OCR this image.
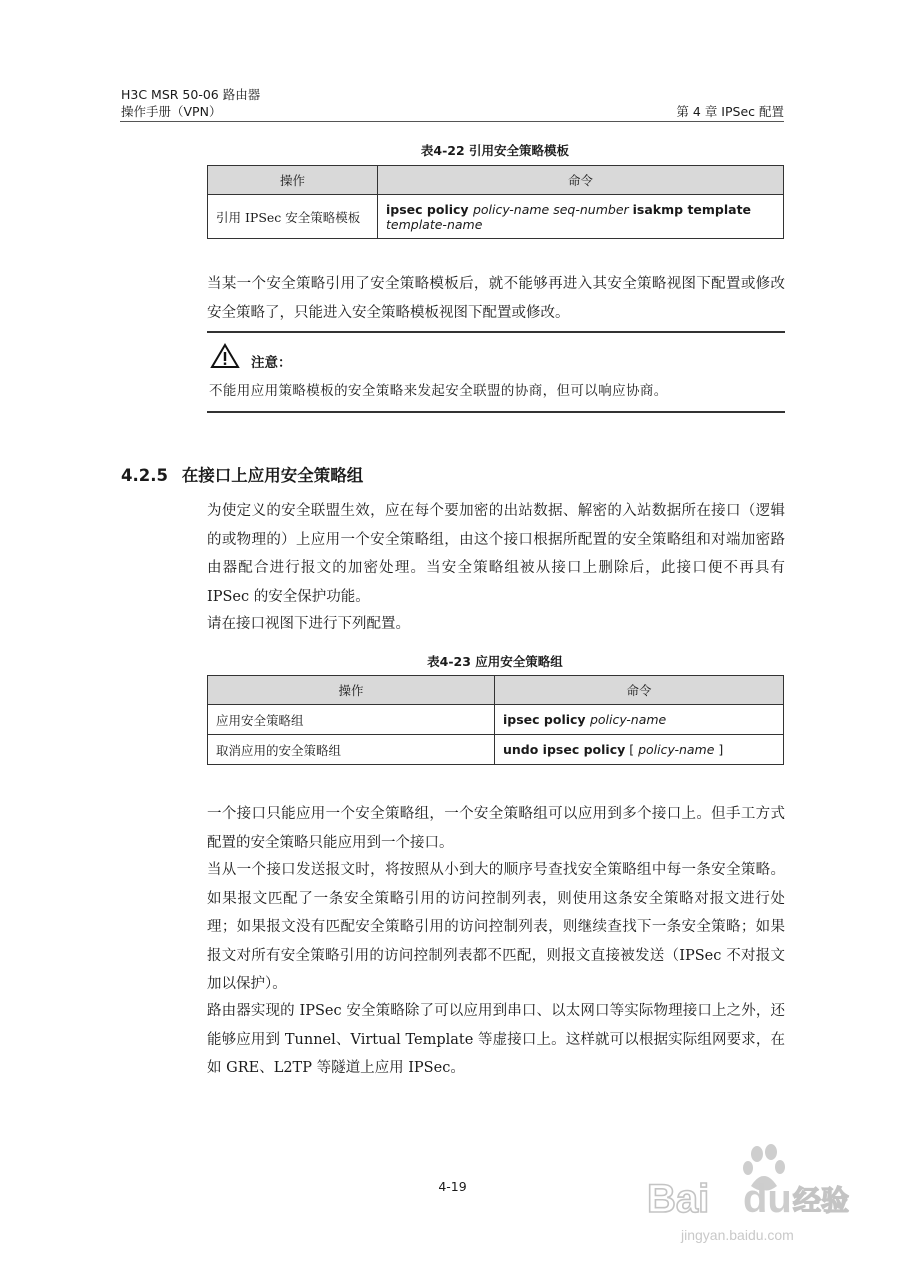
H3C MSR 50-06 路由器
操作手册（VPN）	第 4 章 IPSec 配置
表4-22 引用安全策略模板
操作	命令
引用 IPSec 安全策略模板	ipsec policy policy-name seq-number isakmp template
template-name
当某一个安全策略引用了安全策略模板后，就不能够再进入其安全策略视图下配置或修改安全策略了，只能进入安全策略模板视图下配置或修改。
注意：
不能用应用策略模板的安全策略来发起安全联盟的协商，但可以响应协商。
4.2.5 在接口上应用安全策略组
为使定义的安全联盟生效，应在每个要加密的出站数据、解密的入站数据所在接口（逻辑的或物理的）上应用一个安全策略组，由这个接口根据所配置的安全策略组和对端加密路由器配合进行报文的加密处理。当安全策略组被从接口上删除后，此接口便不再具有 IPSec 的安全保护功能。
请在接口视图下进行下列配置。
表4-23 应用安全策略组
操作	命令
应用安全策略组	ipsec policy policy-name
取消应用的安全策略组	undo ipsec policy [ policy-name ]
一个接口只能应用一个安全策略组，一个安全策略组可以应用到多个接口上。但手工方式配置的安全策略只能应用到一个接口。
当从一个接口发送报文时，将按照从小到大的顺序号查找安全策略组中每一条安全策略。如果报文匹配了一条安全策略引用的访问控制列表，则使用这条安全策略对报文进行处理；如果报文没有匹配安全策略引用的访问控制列表，则继续查找下一条安全策略；如果报文对所有安全策略引用的访问控制列表都不匹配，则报文直接被发送（IPSec 不对报文加以保护）。
路由器实现的 IPSec 安全策略除了可以应用到串口、以太网口等实际物理接口上之外，还能够应用到 Tunnel、Virtual Template 等虚接口上。这样就可以根据实际组网要求，在如 GRE、L2TP 等隧道上应用 IPSec。
4-19	Bai du 经验
jingyan.baidu.com
